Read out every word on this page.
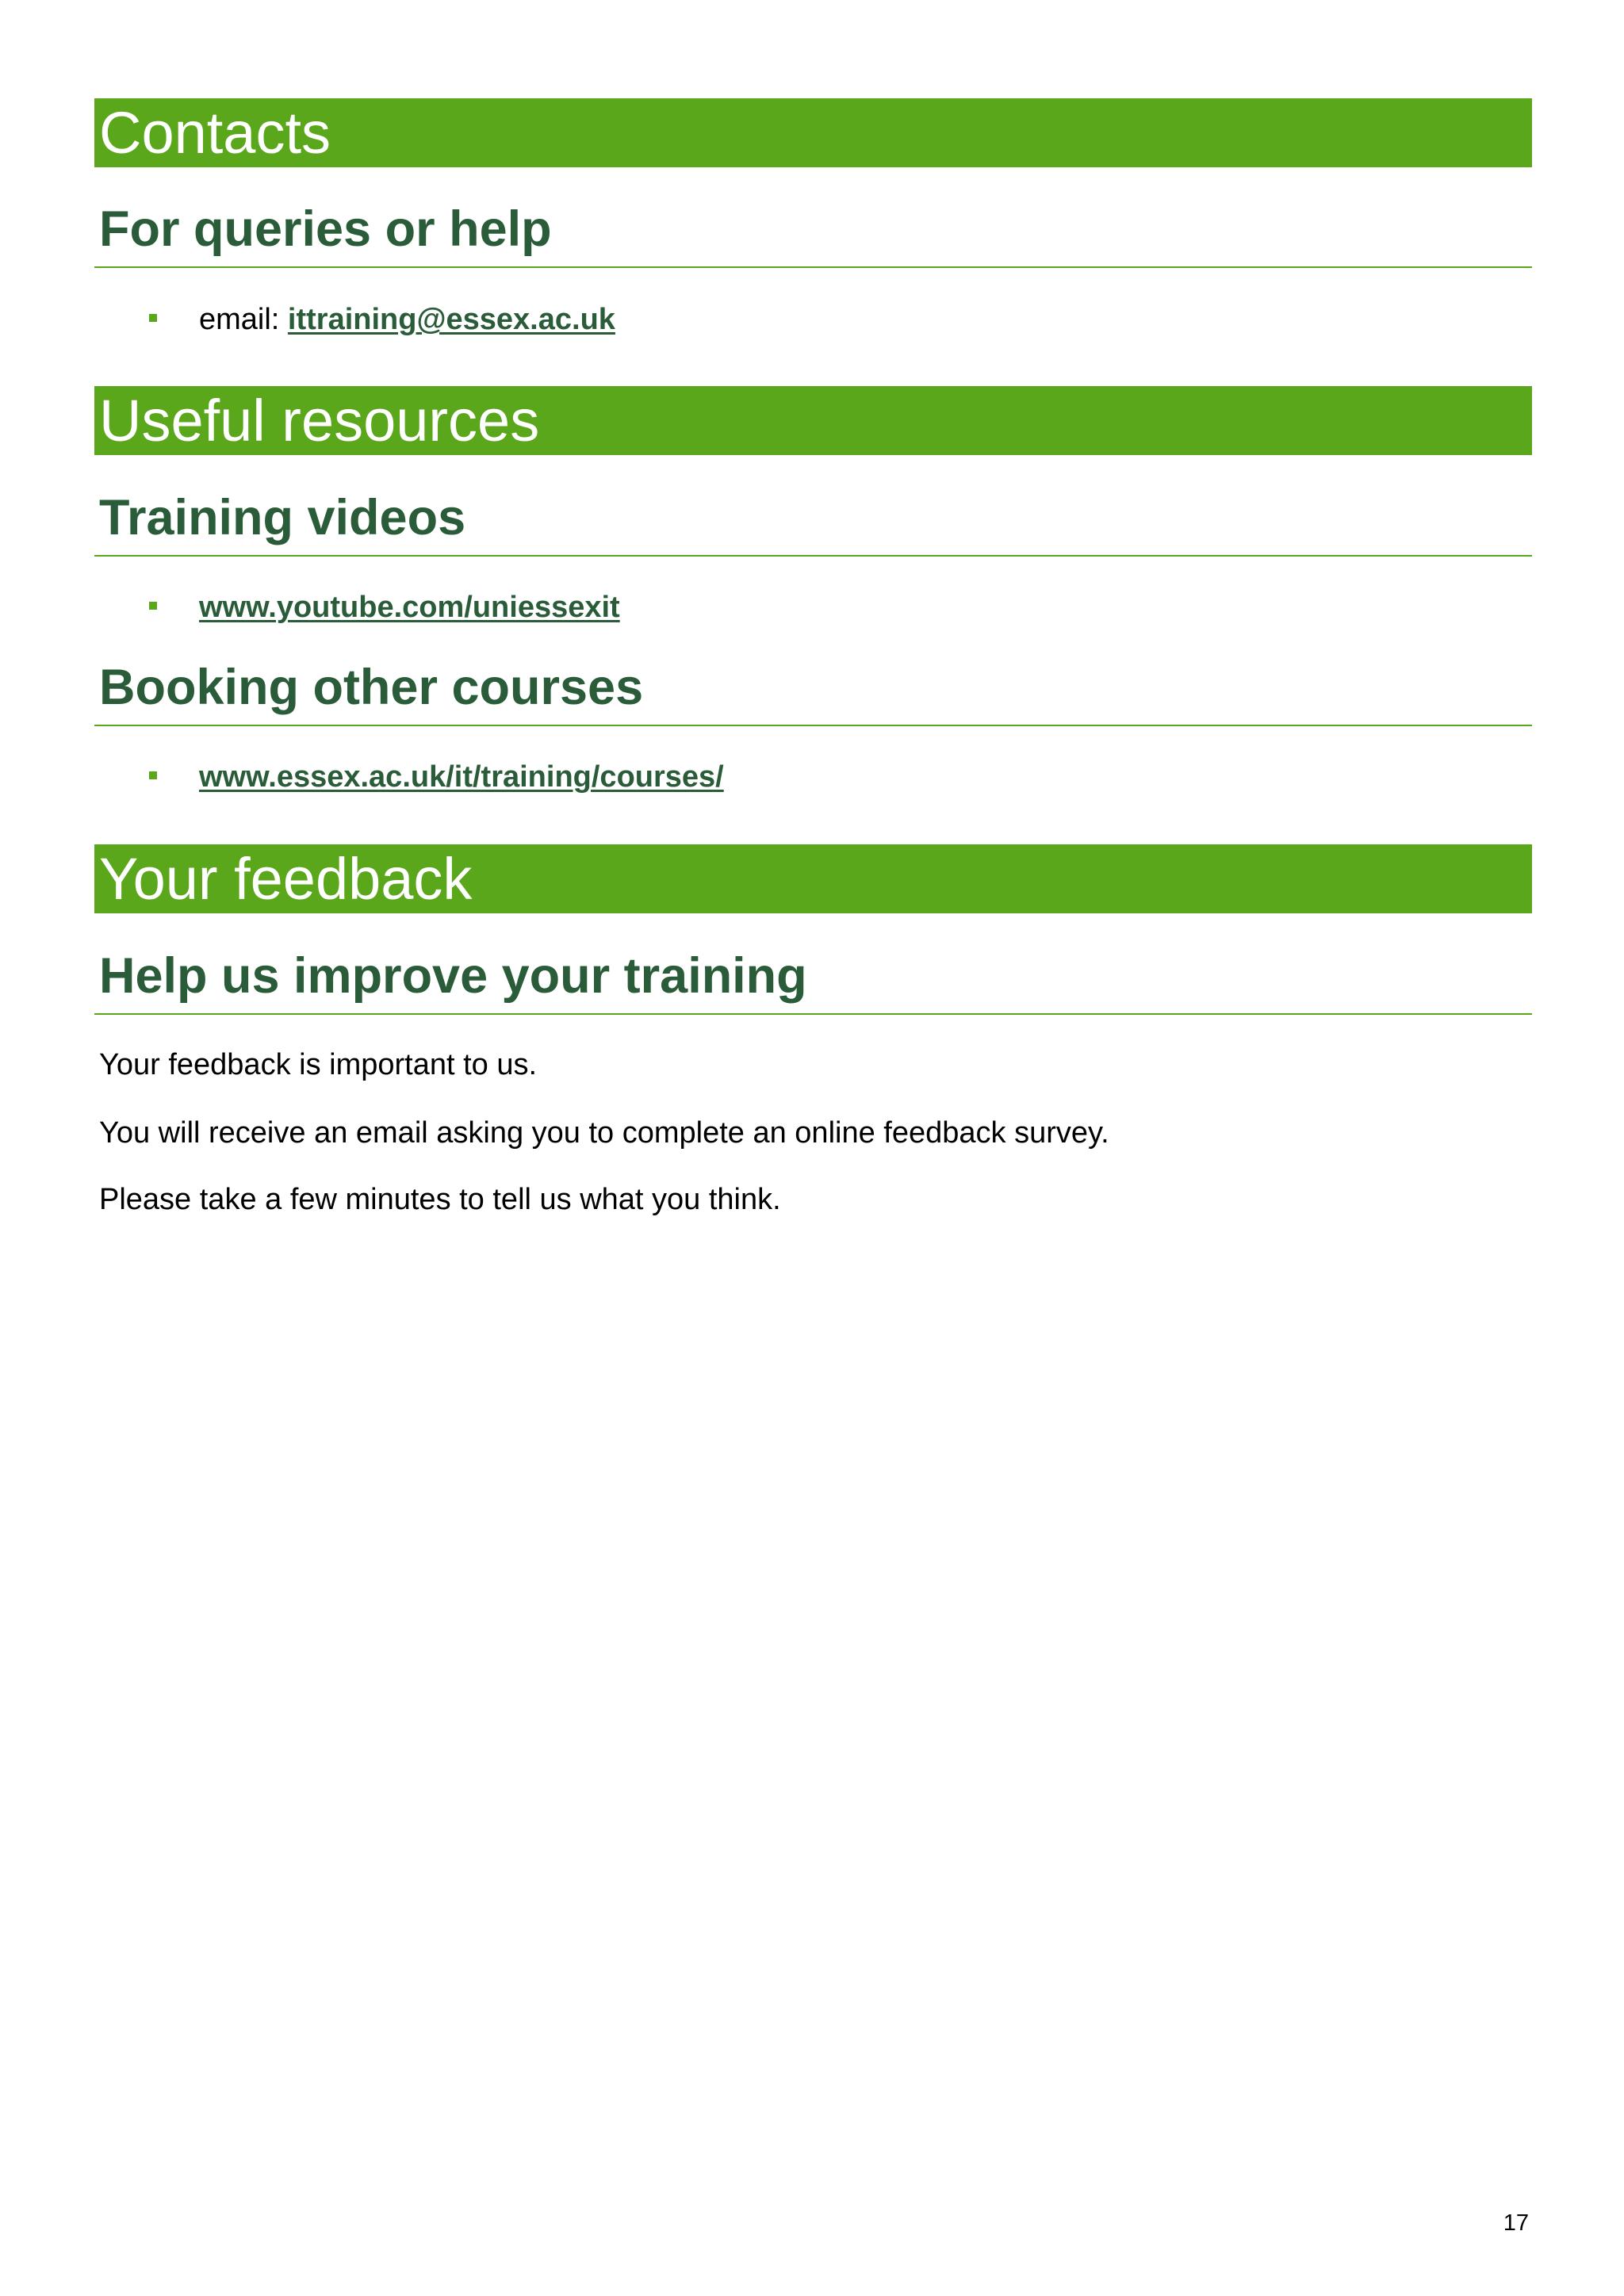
Contacts
For queries or help
email: ittraining@essex.ac.uk
Useful resources
Training videos
www.youtube.com/uniessexit
Booking other courses
www.essex.ac.uk/it/training/courses/
Your feedback
Help us improve your training
Your feedback is important to us.
You will receive an email asking you to complete an online feedback survey.
Please take a few minutes to tell us what you think.
17
